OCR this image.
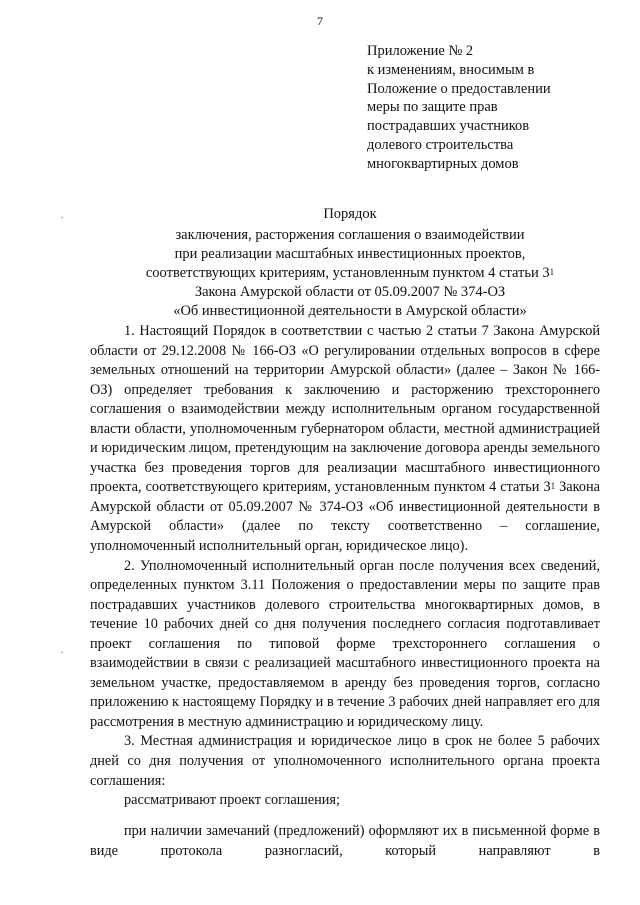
7
Приложение № 2
к изменениям, вносимым в
Положение о предоставлении
меры по защите прав
пострадавших участников
долевого строительства
многоквартирных домов
Порядок
заключения, расторжения соглашения о взаимодействии
при реализации масштабных инвестиционных проектов,
соответствующих критериям, установленным пунктом 4 статьи $3^1$
Закона Амурской области от 05.09.2007 № 374-ОЗ
«Об инвестиционной деятельности в Амурской области»

1. Настоящий Порядок в соответствии с частью 2 статьи 7 Закона Амурской области от 29.12.2008 № 166-ОЗ «О регулировании отдельных вопросов в сфере земельных отношений на территории Амурской области» (далее – Закон № 166-ОЗ) определяет требования к заключению и расторжению трехстороннего соглашения о взаимодействии между исполнительным органом государственной власти области, уполномоченным губернатором области, местной администрацией и юридическим лицом, претендующим на заключение договора аренды земельного участка без проведения торгов для реализации масштабного инвестиционного проекта, соответствующего критериям, установленным пунктом 4 статьи $3^1$ Закона Амурской области от 05.09.2007 № 374-ОЗ «Об инвестиционной деятельности в Амурской области» (далее по тексту соответственно – соглашение, уполномоченный исполнительный орган, юридическое лицо).

2. Уполномоченный исполнительный орган после получения всех сведений, определенных пунктом 3.11 Положения о предоставлении меры по защите прав пострадавших участников долевого строительства многоквартирных домов, в течение 10 рабочих дней со дня получения последнего согласия подготавливает проект соглашения по типовой форме трехстороннего соглашения о взаимодействии в связи с реализацией масштабного инвестиционного проекта на земельном участке, предоставляемом в аренду без проведения торгов, согласно приложению к настоящему Порядку и в течение 3 рабочих дней направляет его для рассмотрения в местную администрацию и юридическому лицу.

3. Местная администрация и юридическое лицо в срок не более 5 рабочих дней со дня получения от уполномоченного исполнительного органа проекта соглашения:

рассматривают проект соглашения;

при наличии замечаний (предложений) оформляют их в письменной форме в виде протокола разногласий, который направляют в

·
·
